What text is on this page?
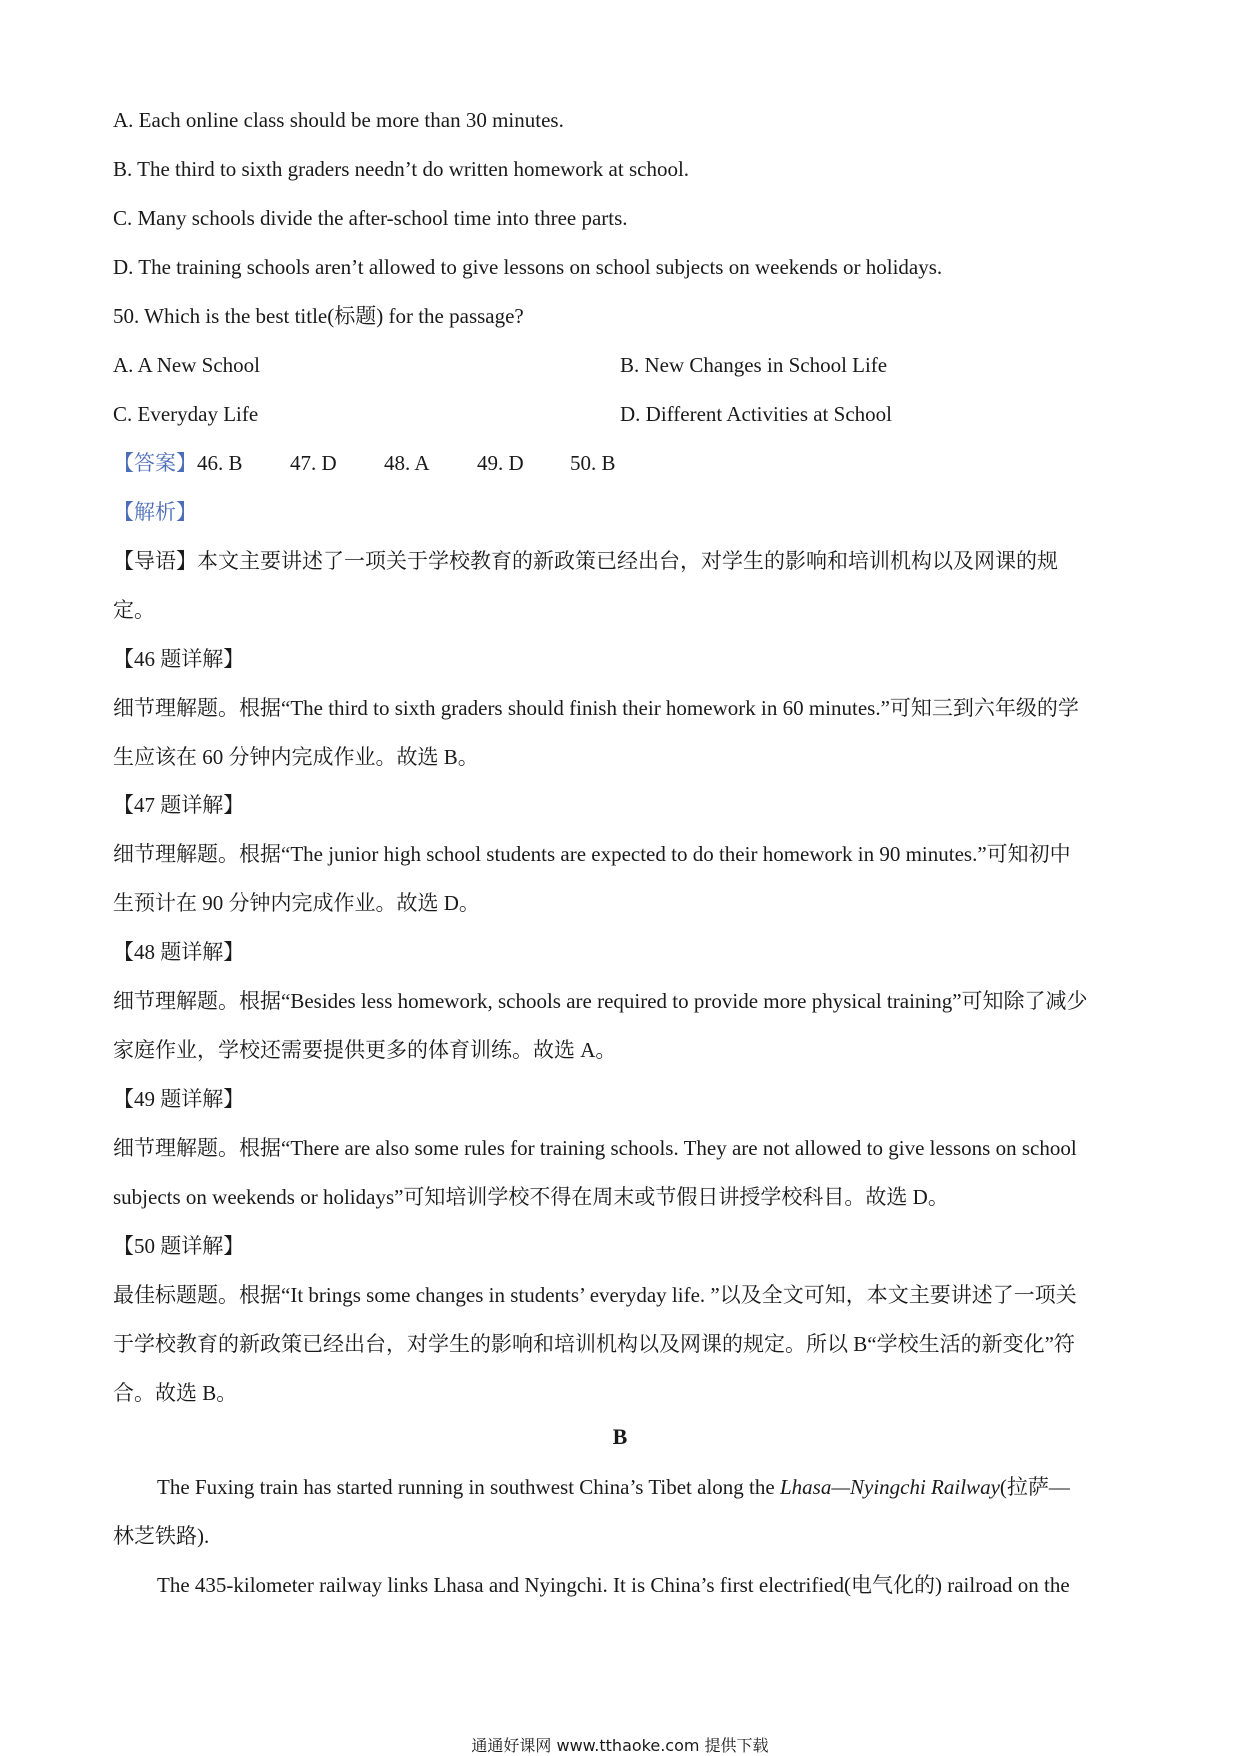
A. Each online class should be more than 30 minutes.
B. The third to sixth graders needn’t do written homework at school.
C. Many schools divide the after-school time into three parts.
D. The training schools aren’t allowed to give lessons on school subjects on weekends or holidays.
50. Which is the best title(标题) for the passage?
A. A New School	B. New Changes in School Life
C. Everyday Life	D. Different Activities at School
【答案】46. B 47. D 48. A 49. D 50. B
【解析】
【导语】本文主要讲述了一项关于学校教育的新政策已经出台，对学生的影响和培训机构以及网课的规
定。
【46 题详解】
细节理解题。根据“The third to sixth graders should finish their homework in 60 minutes.”可知三到六年级的学
生应该在 60 分钟内完成作业。故选 B。
【47 题详解】
细节理解题。根据“The junior high school students are expected to do their homework in 90 minutes.”可知初中
生预计在 90 分钟内完成作业。故选 D。
【48 题详解】
细节理解题。根据“Besides less homework, schools are required to provide more physical training”可知除了减少
家庭作业，学校还需要提供更多的体育训练。故选 A。
【49 题详解】
细节理解题。根据“There are also some rules for training schools. They are not allowed to give lessons on school
subjects on weekends or holidays”可知培训学校不得在周末或节假日讲授学校科目。故选 D。
【50 题详解】
最佳标题题。根据“It brings some changes in students’ everyday life. ”以及全文可知，本文主要讲述了一项关
于学校教育的新政策已经出台，对学生的影响和培训机构以及网课的规定。所以 B“学校生活的新变化”符
合。故选 B。
B
The Fuxing train has started running in southwest China’s Tibet along the Lhasa—Nyingchi Railway(拉萨—
林芝铁路).
The 435-kilometer railway links Lhasa and Nyingchi. It is China’s first electrified(电气化的) railroad on the
通通好课网 www.tthaoke.com 提供下载
